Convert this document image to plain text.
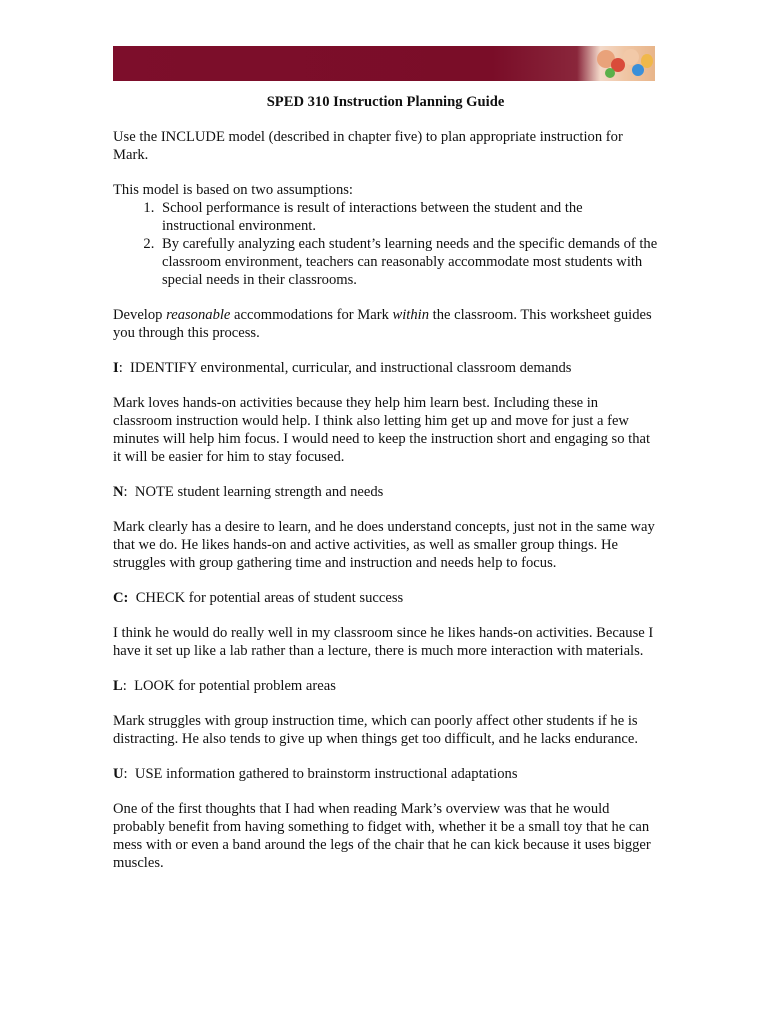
SPED 310 Instruction Planning Guide

Use the INCLUDE model (described in chapter five) to plan appropriate instruction for Mark.

This model is based on two assumptions:

1. School performance is result of interactions between the student and the instructional environment.
2. By carefully analyzing each student’s learning needs and the specific demands of the classroom environment, teachers can reasonably accommodate most students with special needs in their classrooms.

Develop reasonable accommodations for Mark within the classroom. This worksheet guides you through this process.

I:  IDENTIFY environmental, curricular, and instructional classroom demands

Mark loves hands-on activities because they help him learn best. Including these in classroom instruction would help. I think also letting him get up and move for just a few minutes will help him focus. I would need to keep the instruction short and engaging so that it will be easier for him to stay focused.

N:  NOTE student learning strength and needs

Mark clearly has a desire to learn, and he does understand concepts, just not in the same way that we do. He likes hands-on and active activities, as well as smaller group things. He struggles with group gathering time and instruction and needs help to focus.

C: CHECK for potential areas of student success

I think he would do really well in my classroom since he likes hands-on activities. Because I have it set up like a lab rather than a lecture, there is much more interaction with materials.

L:  LOOK for potential problem areas

Mark struggles with group instruction time, which can poorly affect other students if he is distracting. He also tends to give up when things get too difficult, and he lacks endurance.

U:  USE information gathered to brainstorm instructional adaptations

One of the first thoughts that I had when reading Mark’s overview was that he would probably benefit from having something to fidget with, whether it be a small toy that he can mess with or even a band around the legs of the chair that he can kick because it uses bigger muscles.
